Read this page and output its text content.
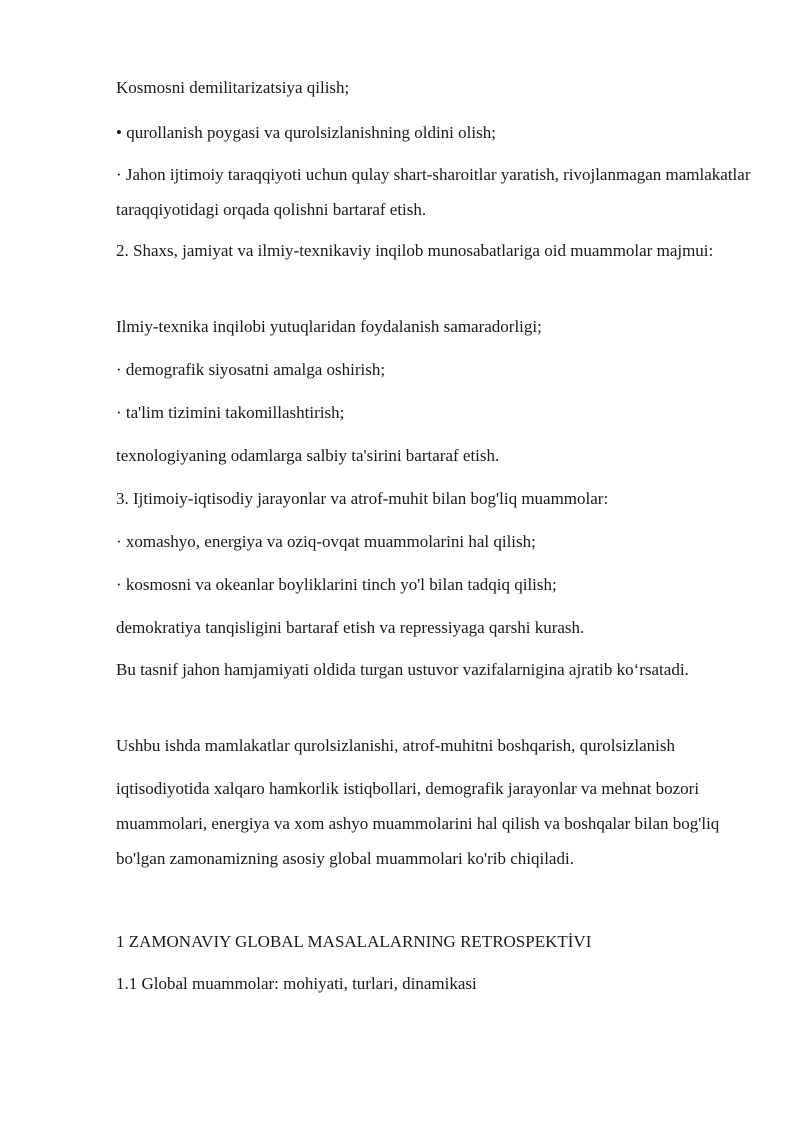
Kosmosni demilitarizatsiya qilish;

• qurollanish poygasi va qurolsizlanishning oldini olish;

· Jahon ijtimoiy taraqqiyoti uchun qulay shart-sharoitlar yaratish, rivojlanmagan mamlakatlar taraqqiyotidagi orqada qolishni bartaraf etish.

2. Shaxs, jamiyat va ilmiy-texnikaviy inqilob munosabatlariga oid muammolar majmui:

Ilmiy-texnika inqilobi yutuqlaridan foydalanish samaradorligi;

· demografik siyosatni amalga oshirish;

· ta'lim tizimini takomillashtirish;

texnologiyaning odamlarga salbiy ta'sirini bartaraf etish.

3. Ijtimoiy-iqtisodiy jarayonlar va atrof-muhit bilan bog'liq muammolar:

· xomashyo, energiya va oziq-ovqat muammolarini hal qilish;

· kosmosni va okeanlar boyliklarini tinch yo'l bilan tadqiq qilish;

demokratiya tanqisligini bartaraf etish va repressiyaga qarshi kurash.

Bu tasnif jahon hamjamiyati oldida turgan ustuvor vazifalarnigina ajratib ko‘rsatadi.

Ushbu ishda mamlakatlar qurolsizlanishi, atrof-muhitni boshqarish, qurolsizlanish

iqtisodiyotida xalqaro hamkorlik istiqbollari, demografik jarayonlar va mehnat bozori muammolari, energiya va xom ashyo muammolarini hal qilish va boshqalar bilan bog'liq bo'lgan zamonamizning asosiy global muammolari ko'rib chiqiladi.

1 ZAMONAVIY GLOBAL MASALALARNING RETROSPEKTİVI

1.1 Global muammolar: mohiyati, turlari, dinamikasi
